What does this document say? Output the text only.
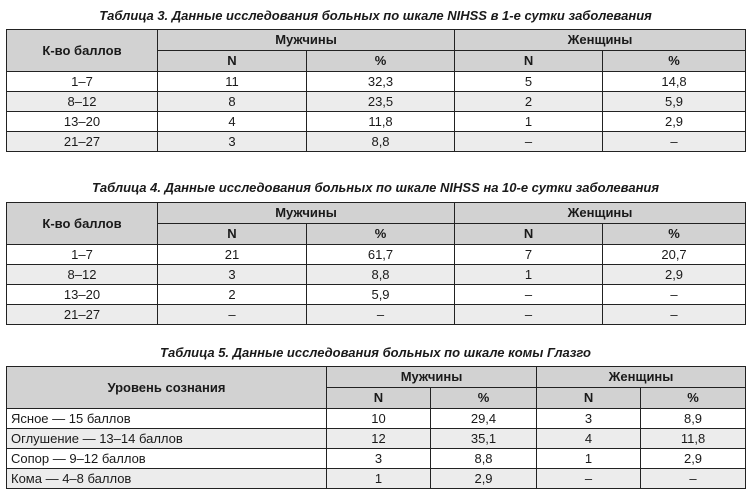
Таблица 3. Данные исследования больных по шкале NIHSS в 1-е сутки заболевания
К-во баллов	Мужчины		Женщины	
	N	%	N	%
1–7	11	32,3	5	14,8
8–12	8	23,5	2	5,9
13–20	4	11,8	1	2,9
21–27	3	8,8	–	–
Таблица 4. Данные исследования больных по шкале NIHSS на 10-е сутки заболевания
К-во баллов	Мужчины		Женщины	
	N	%	N	%
1–7	21	61,7	7	20,7
8–12	3	8,8	1	2,9
13–20	2	5,9	–	–
21–27	–	–	–	–
Таблица 5. Данные исследования больных по шкале комы Глазго
Уровень сознания	Мужчины		Женщины	
	N	%	N	%
Ясное — 15 баллов	10	29,4	3	8,9
Оглушение — 13–14 баллов	12	35,1	4	11,8
Сопор — 9–12 баллов	3	8,8	1	2,9
Кома — 4–8 баллов	1	2,9	–	–
